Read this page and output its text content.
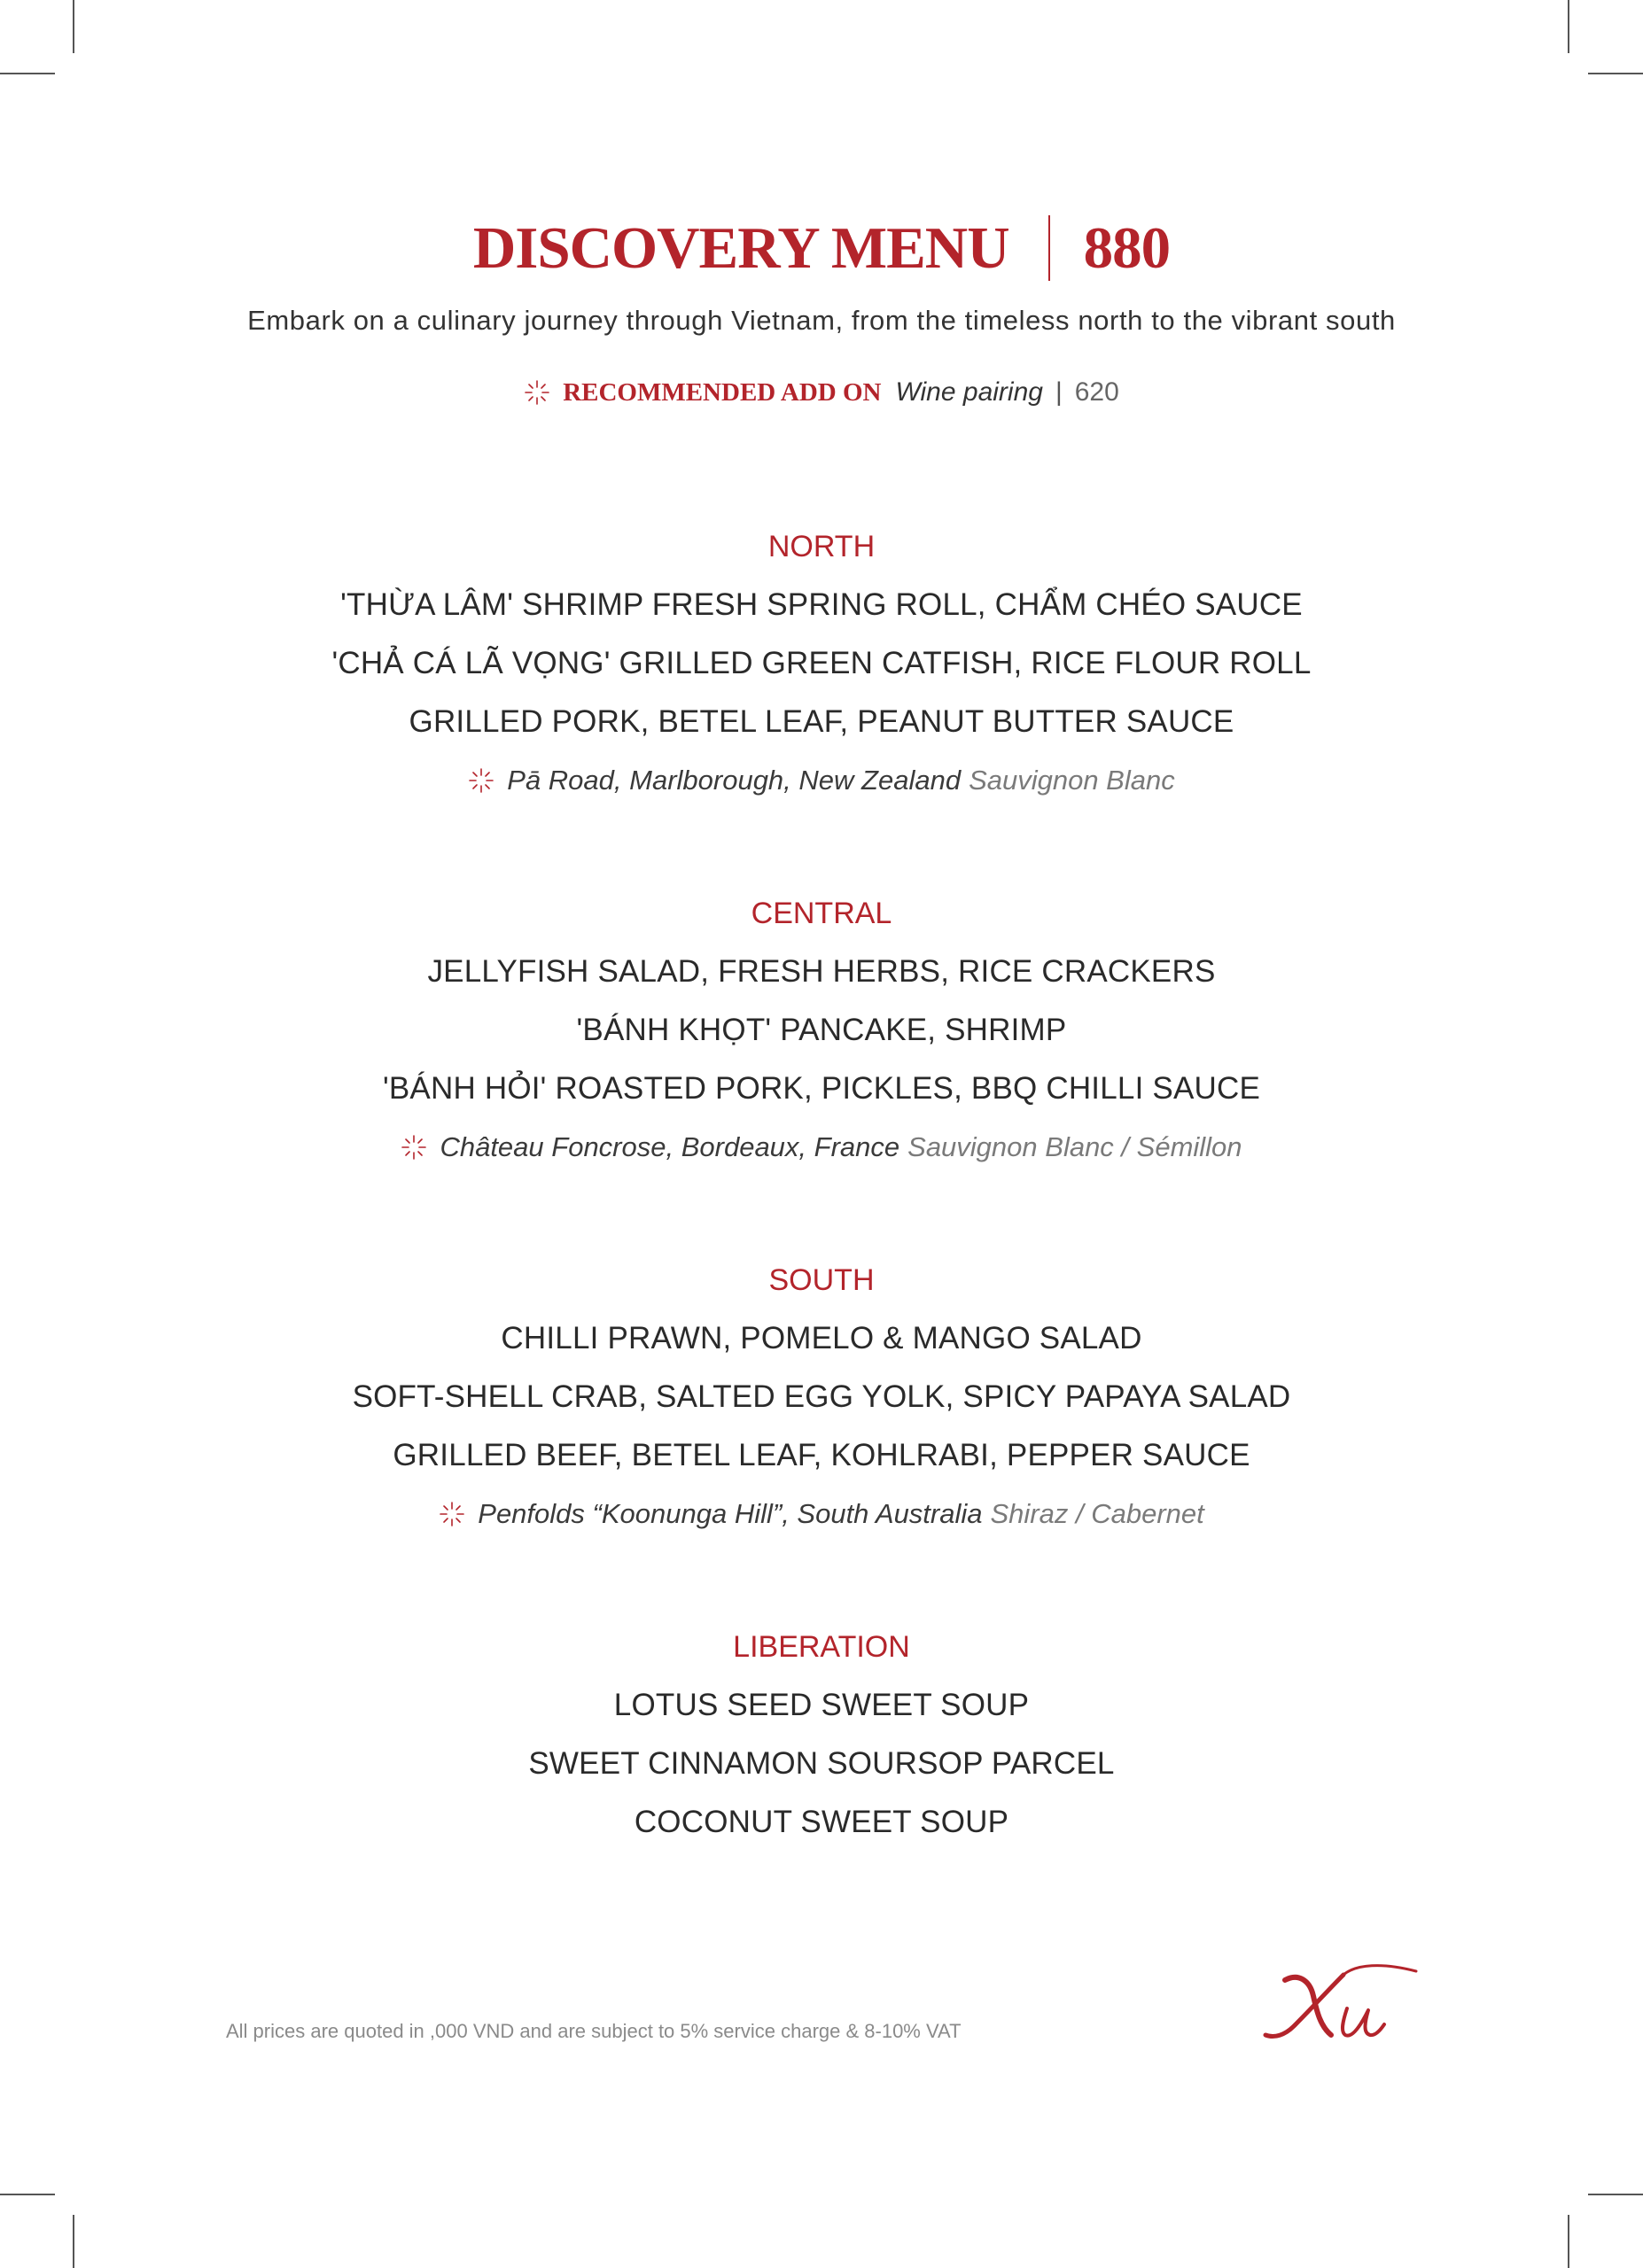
DISCOVERY MENU 880
Embark on a culinary journey through Vietnam, from the timeless north to the vibrant south
RECOMMENDED ADD ON Wine pairing | 620
NORTH
'THỪA LÂM' SHRIMP FRESH SPRING ROLL, CHẨM CHÉO SAUCE
'CHẢ CÁ LÃ VỌNG' GRILLED GREEN CATFISH, RICE FLOUR ROLL
GRILLED PORK, BETEL LEAF, PEANUT BUTTER SAUCE
Pā Road, Marlborough, New Zealand Sauvignon Blanc
CENTRAL
JELLYFISH SALAD, FRESH HERBS, RICE CRACKERS
'BÁNH KHỌT' PANCAKE, SHRIMP
'BÁNH HỎI' ROASTED PORK, PICKLES, BBQ CHILLI SAUCE
Château Foncrose, Bordeaux, France Sauvignon Blanc / Sémillon
SOUTH
CHILLI PRAWN, POMELO & MANGO SALAD
SOFT-SHELL CRAB, SALTED EGG YOLK, SPICY PAPAYA SALAD
GRILLED BEEF, BETEL LEAF, KOHLRABI, PEPPER SAUCE
Penfolds “Koonunga Hill”, South Australia Shiraz / Cabernet
LIBERATION
LOTUS SEED SWEET SOUP
SWEET CINNAMON SOURSOP PARCEL
COCONUT SWEET SOUP
All prices are quoted in ,000 VND and are subject to 5% service charge & 8-10% VAT
